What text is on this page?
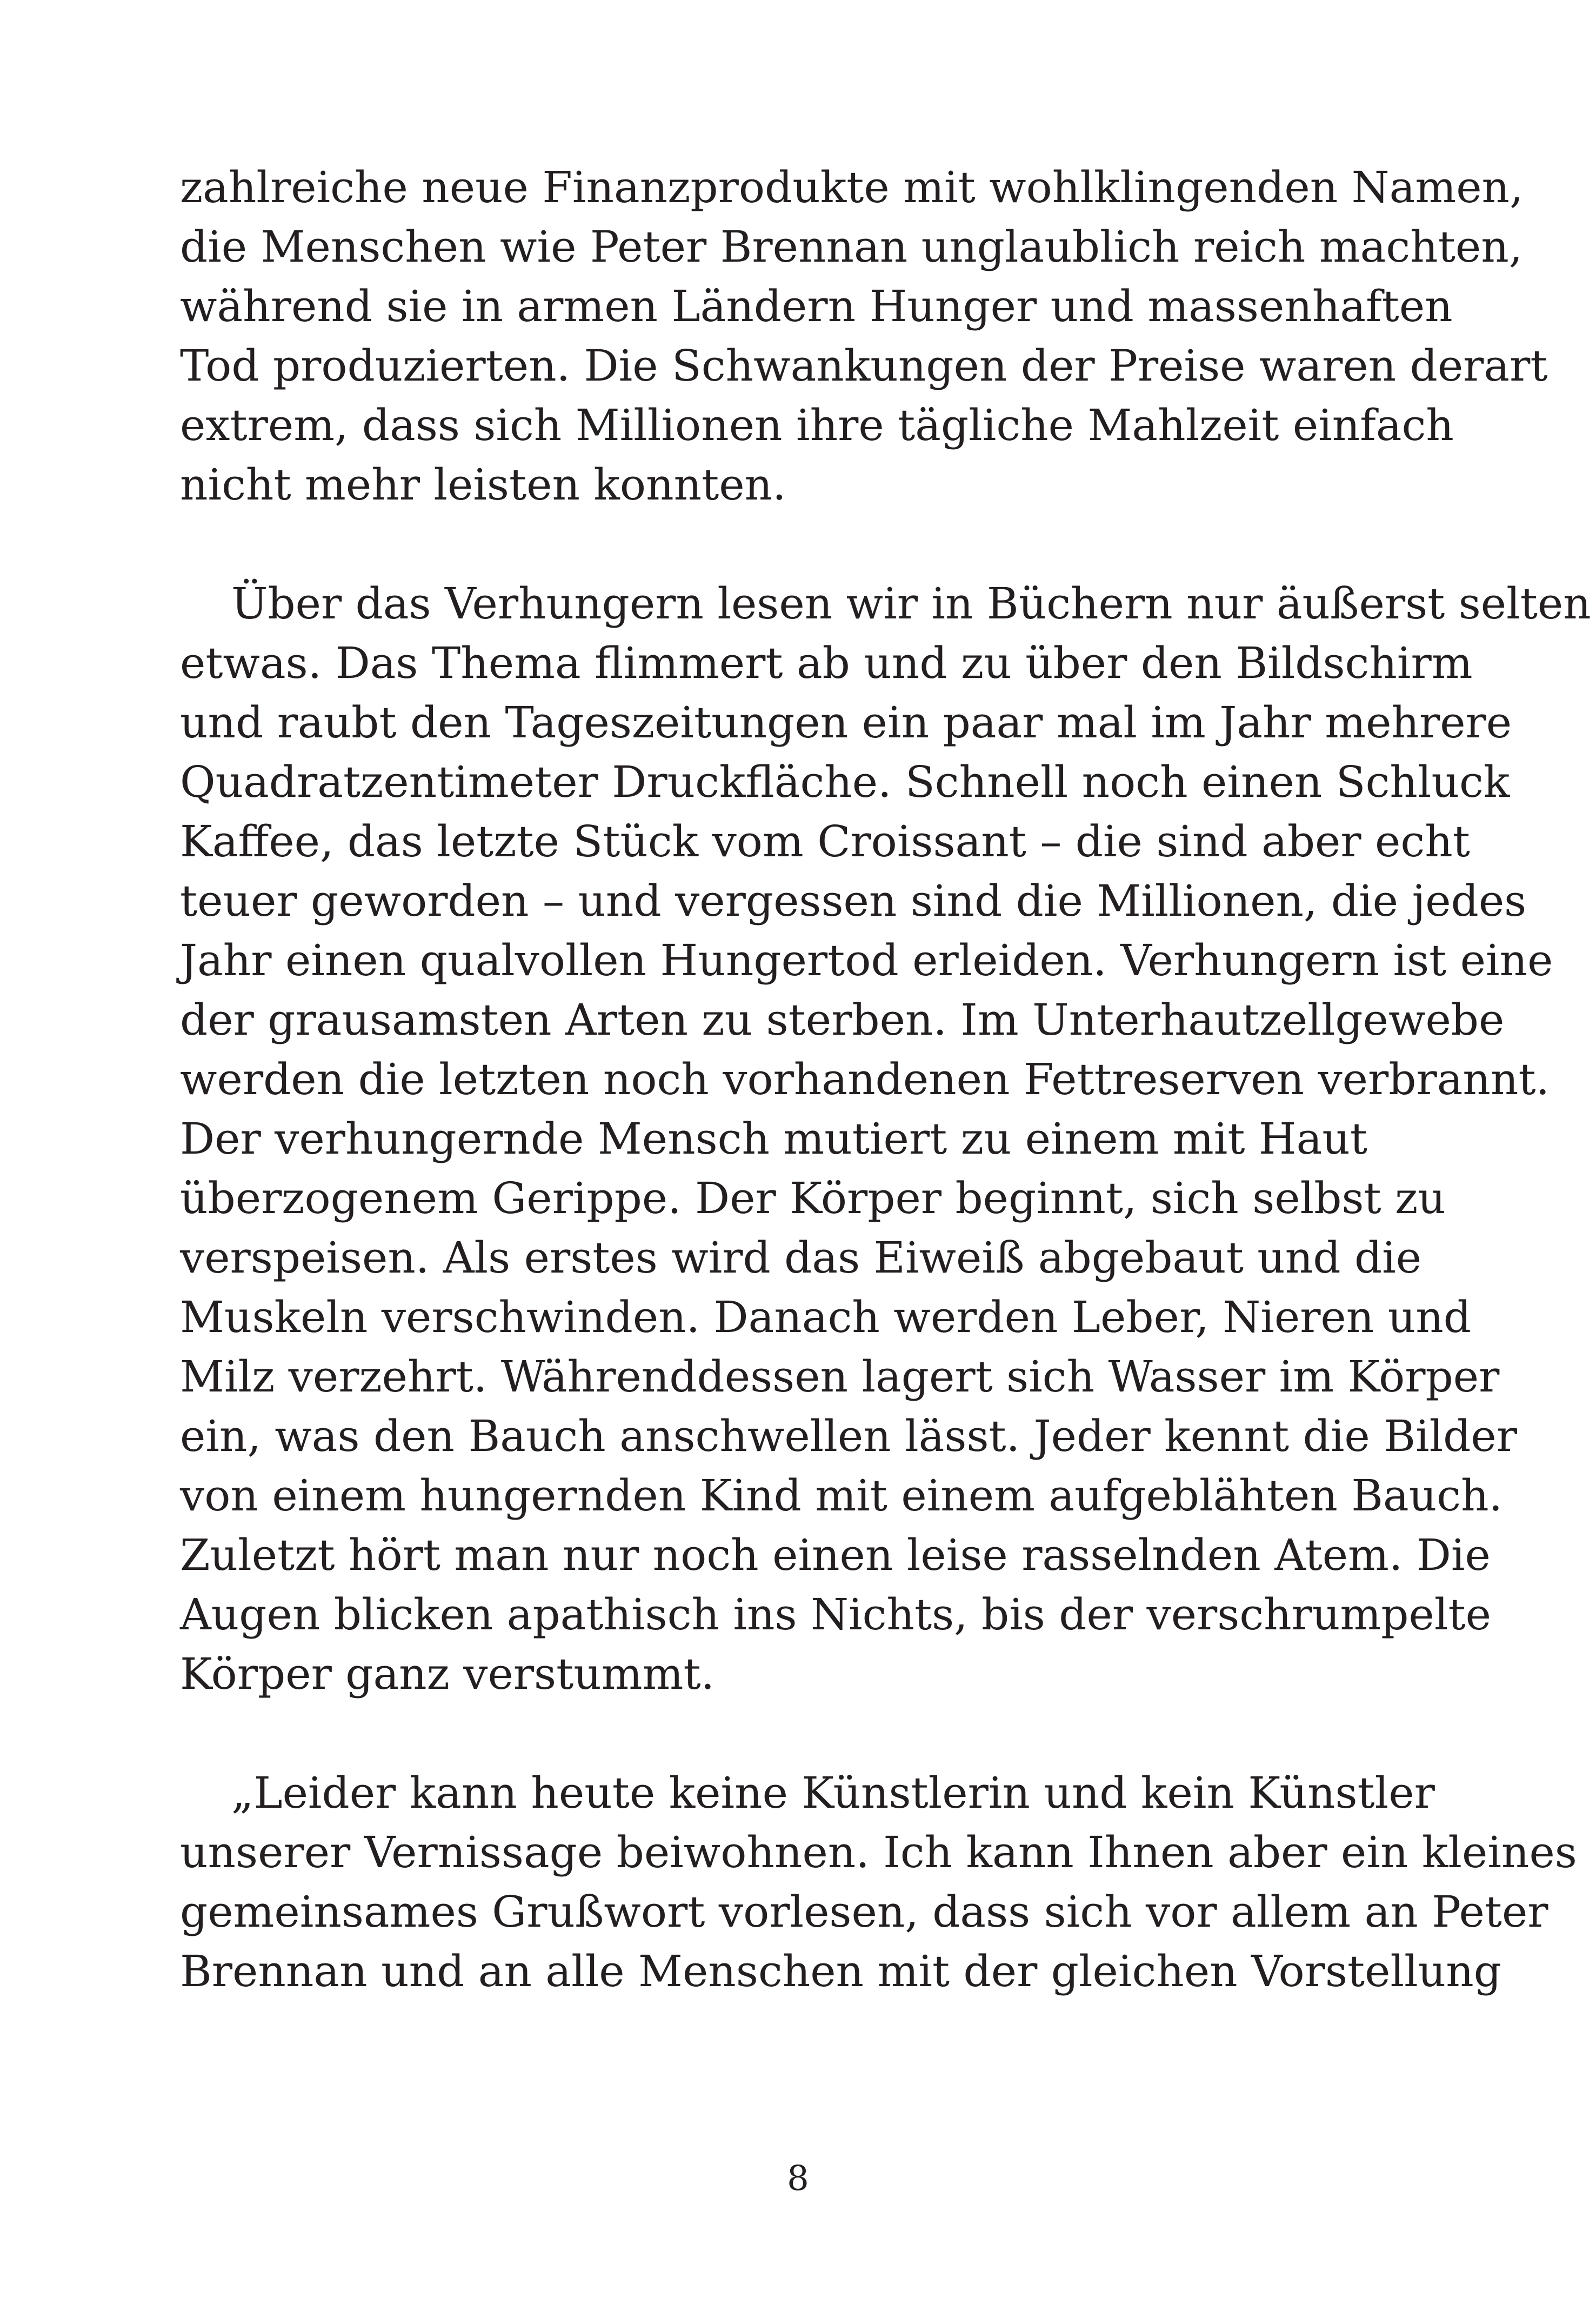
zahlreiche neue Finanzprodukte mit wohlklingenden Namen,
die Menschen wie Peter Brennan unglaublich reich machten,
während sie in armen Ländern Hunger und massenhaften
Tod produzierten. Die Schwankungen der Preise waren derart
extrem, dass sich Millionen ihre tägliche Mahlzeit einfach
nicht mehr leisten konnten.
Über das Verhungern lesen wir in Büchern nur äußerst selten
etwas. Das Thema flimmert ab und zu über den Bildschirm
und raubt den Tageszeitungen ein paar mal im Jahr mehrere
Quadratzentimeter Druckfläche. Schnell noch einen Schluck
Kaffee, das letzte Stück vom Croissant – die sind aber echt
teuer geworden – und vergessen sind die Millionen, die jedes
Jahr einen qualvollen Hungertod erleiden. Verhungern ist eine
der grausamsten Arten zu sterben. Im Unterhautzellgewebe
werden die letzten noch vorhandenen Fettreserven verbrannt.
Der verhungernde Mensch mutiert zu einem mit Haut
überzogenem Gerippe. Der Körper beginnt, sich selbst zu
verspeisen. Als erstes wird das Eiweiß abgebaut und die
Muskeln verschwinden. Danach werden Leber, Nieren und
Milz verzehrt. Währenddessen lagert sich Wasser im Körper
ein, was den Bauch anschwellen lässt. Jeder kennt die Bilder
von einem hungernden Kind mit einem aufgeblähten Bauch.
Zuletzt hört man nur noch einen leise rasselnden Atem. Die
Augen blicken apathisch ins Nichts, bis der verschrumpelte
Körper ganz verstummt.
„Leider kann heute keine Künstlerin und kein Künstler
unserer Vernissage beiwohnen. Ich kann Ihnen aber ein kleines
gemeinsames Grußwort vorlesen, dass sich vor allem an Peter
Brennan und an alle Menschen mit der gleichen Vorstellung
8
